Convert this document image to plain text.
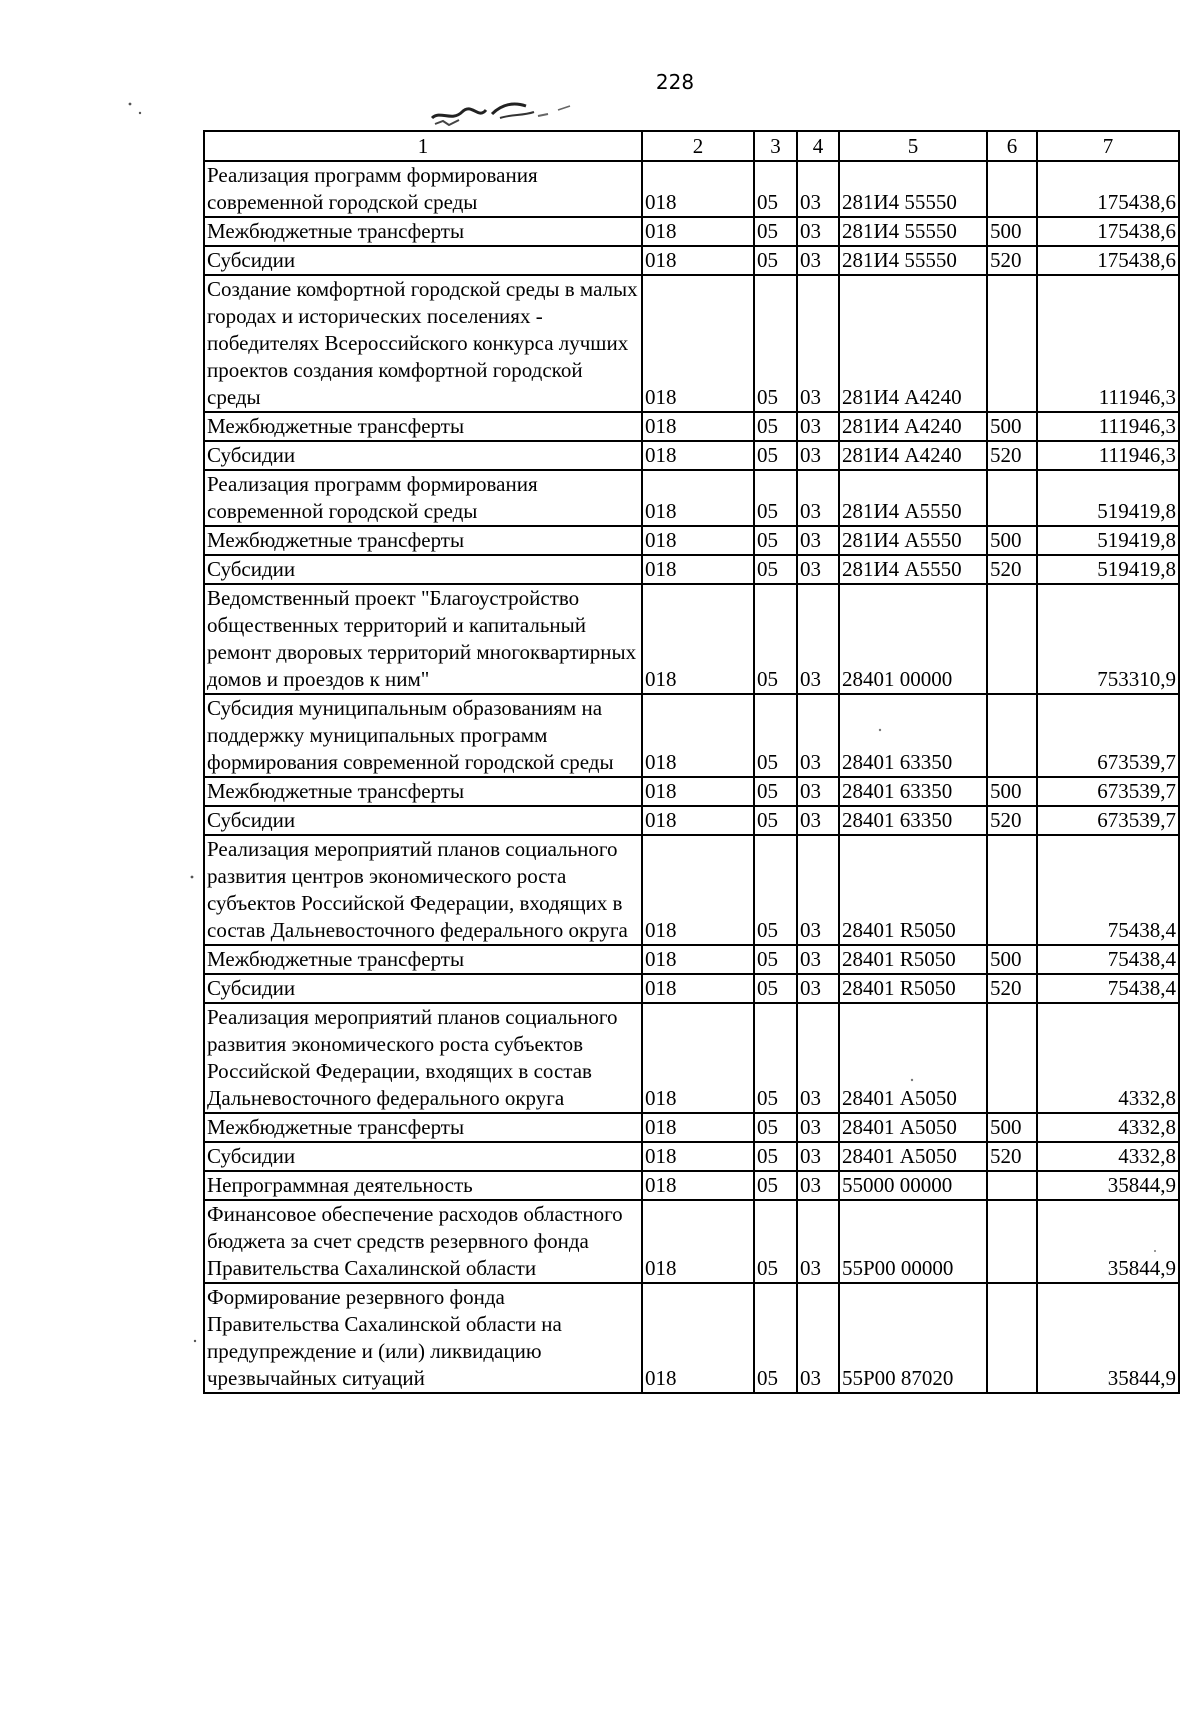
228
1	2	3	4	5	6	7
Реализация программ формирования современной городской среды	018	05	03	281И4 55550		175438,6
Межбюджетные трансферты	018	05	03	281И4 55550	500	175438,6
Субсидии	018	05	03	281И4 55550	520	175438,6
Создание комфортной городской среды в малых городах и исторических поселениях - победителях Всероссийского конкурса лучших проектов создания комфортной городской среды	018	05	03	281И4 А4240		111946,3
Межбюджетные трансферты	018	05	03	281И4 А4240	500	111946,3
Субсидии	018	05	03	281И4 А4240	520	111946,3
Реализация программ формирования современной городской среды	018	05	03	281И4 А5550		519419,8
Межбюджетные трансферты	018	05	03	281И4 А5550	500	519419,8
Субсидии	018	05	03	281И4 А5550	520	519419,8
Ведомственный проект "Благоустройство общественных территорий и капитальный ремонт дворовых территорий многоквартирных домов и проездов к ним"	018	05	03	28401 00000		753310,9
Субсидия муниципальным образованиям на поддержку муниципальных программ формирования современной городской среды	018	05	03	28401 63350		673539,7
Межбюджетные трансферты	018	05	03	28401 63350	500	673539,7
Субсидии	018	05	03	28401 63350	520	673539,7
Реализация мероприятий планов социального развития центров экономического роста субъектов Российской Федерации, входящих в состав Дальневосточного федерального округа	018	05	03	28401 R5050		75438,4
Межбюджетные трансферты	018	05	03	28401 R5050	500	75438,4
Субсидии	018	05	03	28401 R5050	520	75438,4
Реализация мероприятий планов социального развития экономического роста субъектов Российской Федерации, входящих в состав Дальневосточного федерального округа	018	05	03	28401 А5050		4332,8
Межбюджетные трансферты	018	05	03	28401 А5050	500	4332,8
Субсидии	018	05	03	28401 А5050	520	4332,8
Непрограммная деятельность	018	05	03	55000 00000		35844,9
Финансовое обеспечение расходов областного бюджета за счет средств резервного фонда Правительства Сахалинской области	018	05	03	55Р00 00000		35844,9
Формирование резервного фонда Правительства Сахалинской области на предупреждение и (или) ликвидацию чрезвычайных ситуаций	018	05	03	55Р00 87020		35844,9
